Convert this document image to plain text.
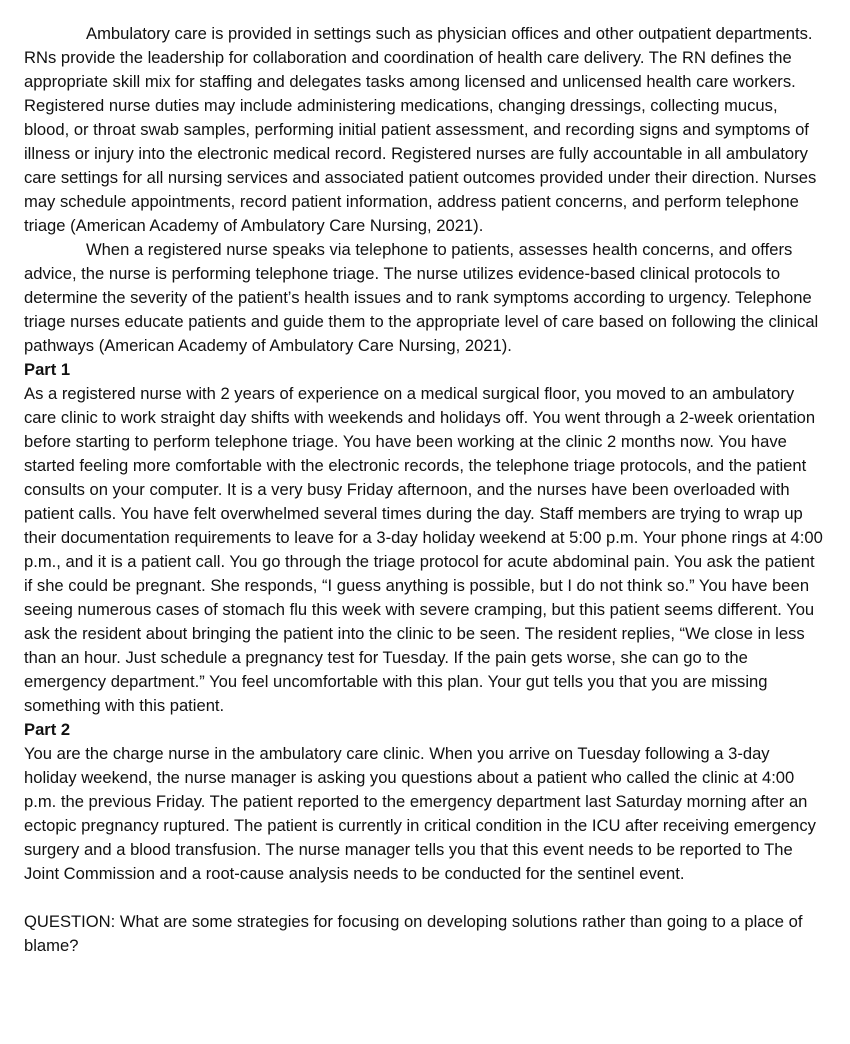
Ambulatory care is provided in settings such as physician offices and other outpatient departments. RNs provide the leadership for collaboration and coordination of health care delivery. The RN defines the appropriate skill mix for staffing and delegates tasks among licensed and unlicensed health care workers. Registered nurse duties may include administering medications, changing dressings, collecting mucus, blood, or throat swab samples, performing initial patient assessment, and recording signs and symptoms of illness or injury into the electronic medical record. Registered nurses are fully accountable in all ambulatory care settings for all nursing services and associated patient outcomes provided under their direction. Nurses may schedule appointments, record patient information, address patient concerns, and perform telephone triage (American Academy of Ambulatory Care Nursing, 2021).

When a registered nurse speaks via telephone to patients, assesses health concerns, and offers advice, the nurse is performing telephone triage. The nurse utilizes evidence-based clinical protocols to determine the severity of the patient’s health issues and to rank symptoms according to urgency. Telephone triage nurses educate patients and guide them to the appropriate level of care based on following the clinical pathways (American Academy of Ambulatory Care Nursing, 2021).

Part 1

As a registered nurse with 2 years of experience on a medical surgical floor, you moved to an ambulatory care clinic to work straight day shifts with weekends and holidays off. You went through a 2-week orientation before starting to perform telephone triage. You have been working at the clinic 2 months now. You have started feeling more comfortable with the electronic records, the telephone triage protocols, and the patient consults on your computer. It is a very busy Friday afternoon, and the nurses have been overloaded with patient calls. You have felt overwhelmed several times during the day. Staff members are trying to wrap up their documentation requirements to leave for a 3-day holiday weekend at 5:00 p.m. Your phone rings at 4:00 p.m., and it is a patient call. You go through the triage protocol for acute abdominal pain. You ask the patient if she could be pregnant. She responds, “I guess anything is possible, but I do not think so.” You have been seeing numerous cases of stomach flu this week with severe cramping, but this patient seems different. You ask the resident about bringing the patient into the clinic to be seen. The resident replies, “We close in less than an hour. Just schedule a pregnancy test for Tuesday. If the pain gets worse, she can go to the emergency department.” You feel uncomfortable with this plan. Your gut tells you that you are missing something with this patient.

Part 2

You are the charge nurse in the ambulatory care clinic. When you arrive on Tuesday following a 3-day holiday weekend, the nurse manager is asking you questions about a patient who called the clinic at 4:00 p.m. the previous Friday. The patient reported to the emergency department last Saturday morning after an ectopic pregnancy ruptured. The patient is currently in critical condition in the ICU after receiving emergency surgery and a blood transfusion. The nurse manager tells you that this event needs to be reported to The Joint Commission and a root-cause analysis needs to be conducted for the sentinel event.

QUESTION: What are some strategies for focusing on developing solutions rather than going to a place of blame?
